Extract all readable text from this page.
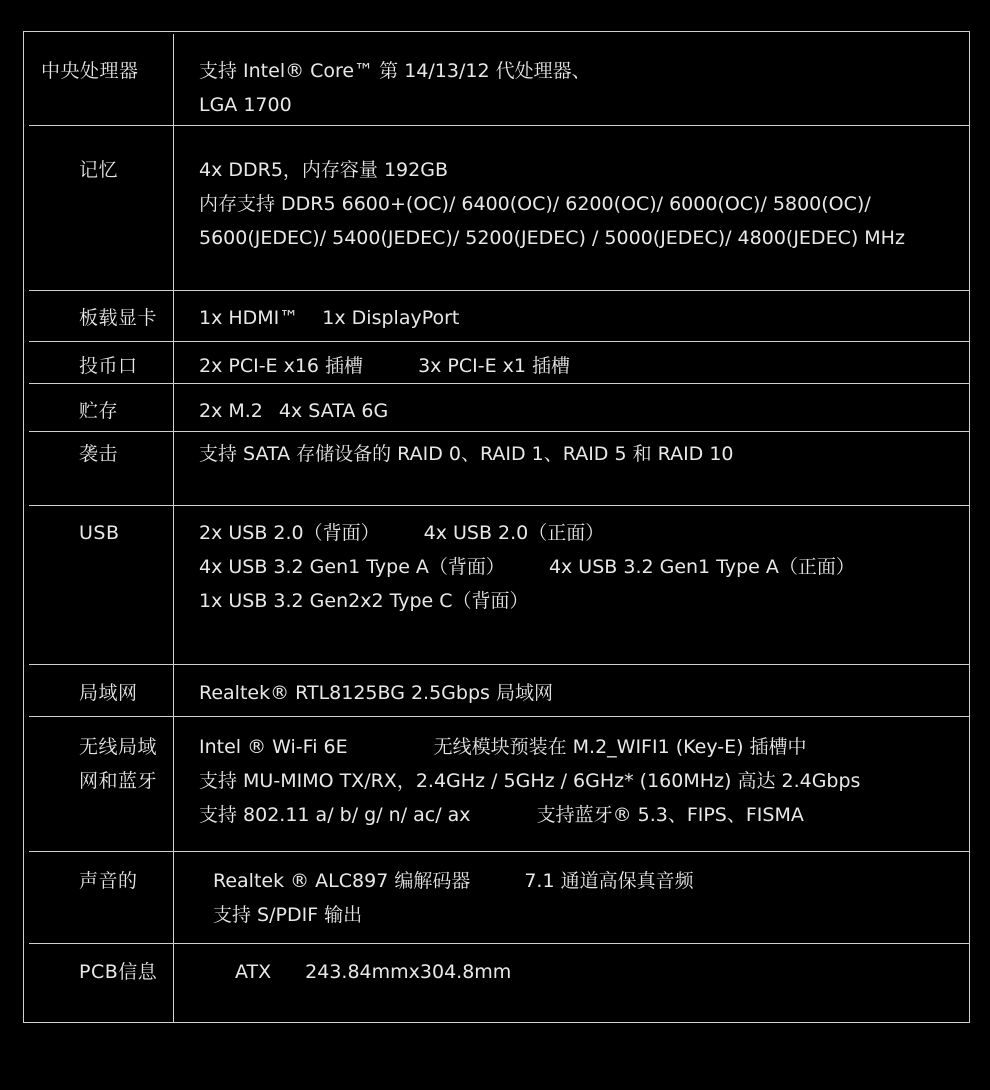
中央处理器	支持 Intel® Core™ 第 14/13/12 代处理器、
LGA 1700
记忆	4x DDR5，内存容量 192GB
内存支持 DDR5 6600+(OC)/ 6400(OC)/ 6200(OC)/ 6000(OC)/ 5800(OC)/
5600(JEDEC)/ 5400(JEDEC)/ 5200(JEDEC) / 5000(JEDEC)/ 4800(JEDEC) MHz
板载显卡 1x HDMI™ 1x DisplayPort
投币口	2x PCI-E x16 插槽	3x PCI-E x1 插槽
贮存	2x M.2 4x SATA 6G
袭击	支持 SATA 存储设备的 RAID 0、RAID 1、RAID 5 和 RAID 10
USB	2x USB 2.0（背面） 4x USB 2.0（正面）
4x USB 3.2 Gen1 Type A（背面） 4x USB 3.2 Gen1 Type A（正面）
1x USB 3.2 Gen2x2 Type C（背面）
局域网	Realtek® RTL8125BG 2.5Gbps 局域网
无线局域
网和蓝牙
Intel ® Wi-Fi 6E	无线模块预装在 M.2_WIFI1 (Key-E) 插槽中
支持 MU-MIMO TX/RX，2.4GHz / 5GHz / 6GHz* (160MHz) 高达 2.4Gbps
支持 802.11 a/ b/ g/ n/ ac/ ax	支持蓝牙® 5.3、FIPS、FISMA
声音的	Realtek ® ALC897 编解码器	7.1 通道高保真音频
支持 S/PDIF 输出
PCB信息	ATX 243.84mmx304.8mm
